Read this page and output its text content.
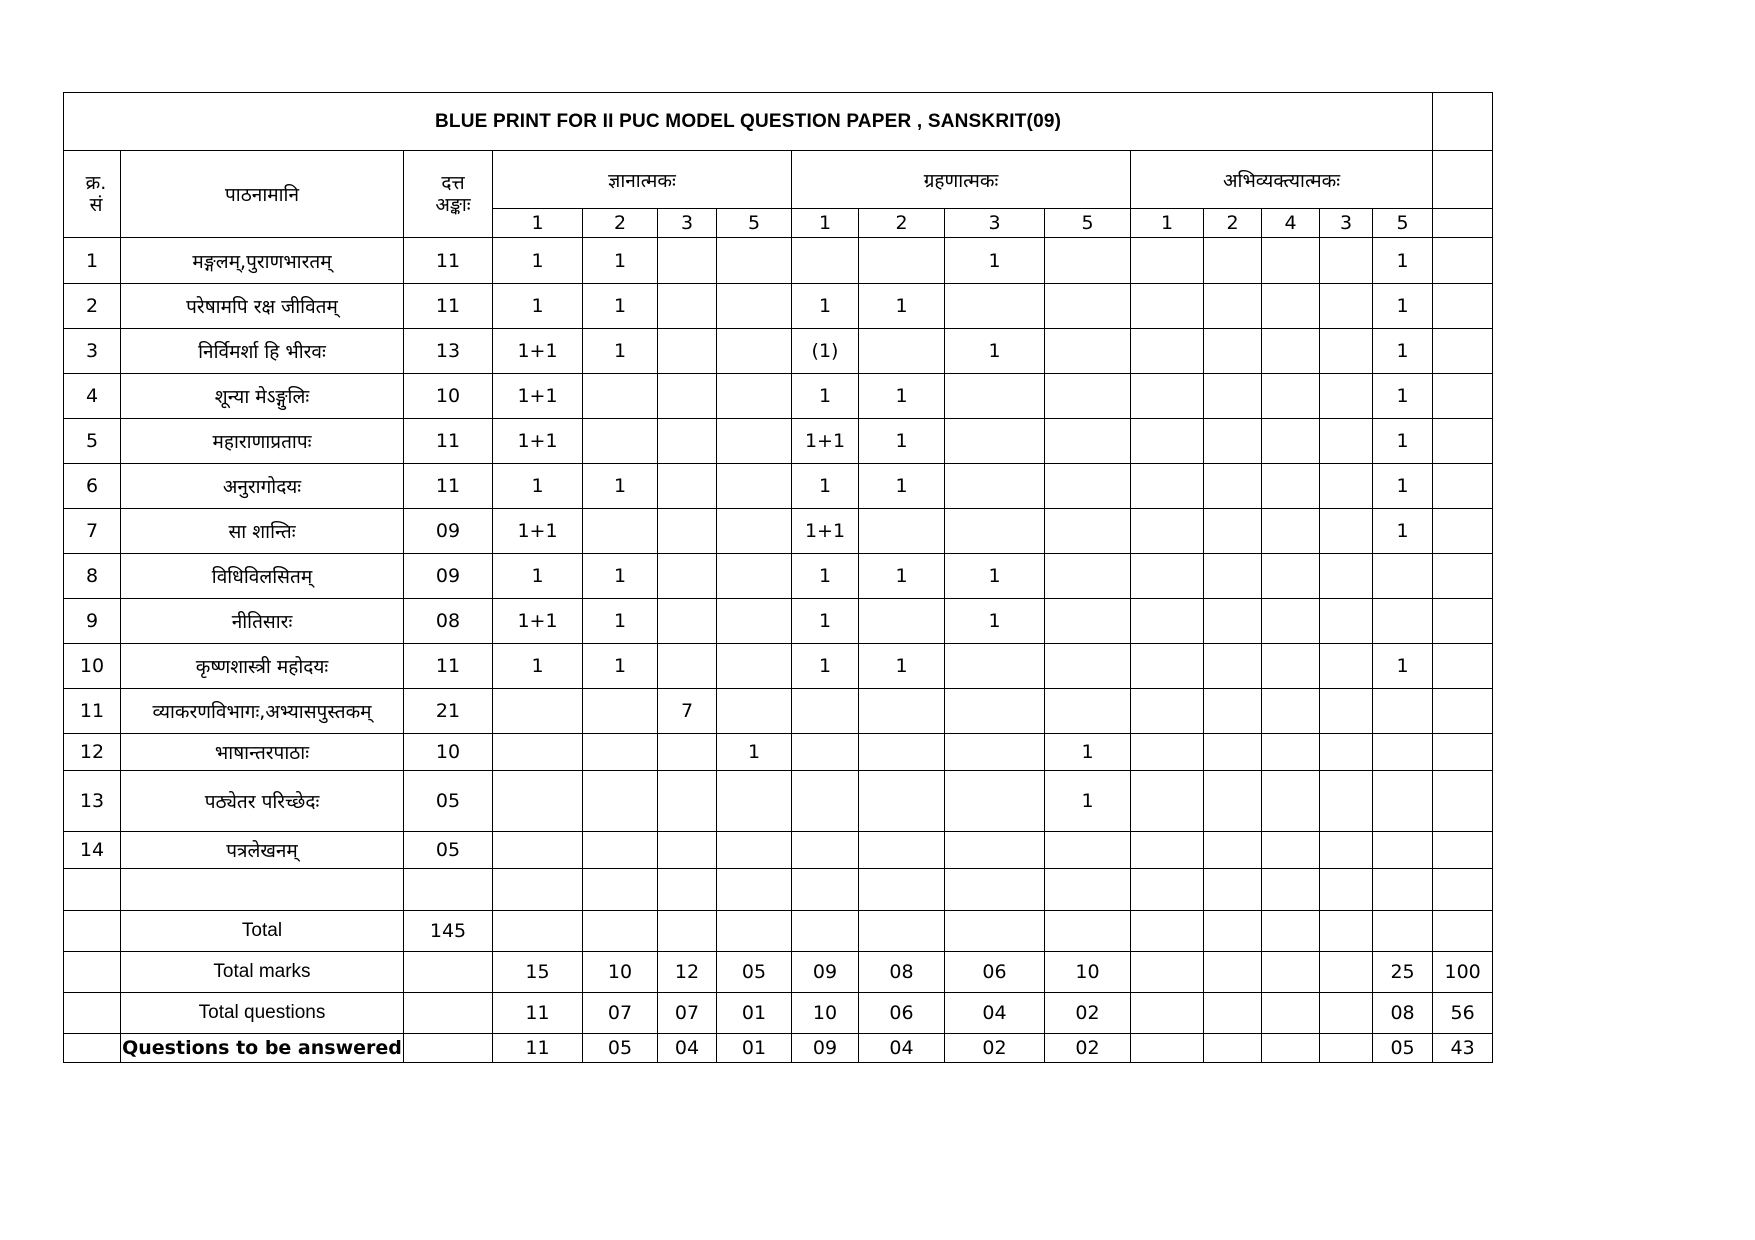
BLUE PRINT FOR II PUC MODEL QUESTION PAPER , SANSKRIT(09)																
क्र.
सं	पाठनामानि	दत्त
अङ्काः	ज्ञानात्मकः				ग्रहणात्मकः				अभिव्यक्त्यात्मकः					
			1	2	3	5	1	2	3	5	1	2	4	3	5	
1	मङ्गलम्,पुराणभारतम्	11	1	1					1						1	
2	परेषामपि रक्ष जीवितम्	11	1	1			1	1							1	
3	निर्विमर्शा हि भीरवः	13	1+1	1			(1)		1						1	
4	शून्या मेऽङ्गुलिः	10	1+1				1	1							1	
5	महाराणाप्रतापः	11	1+1				1+1	1							1	
6	अनुरागोदयः	11	1	1			1	1							1	
7	सा शान्तिः	09	1+1				1+1								1	
8	विधिविलसितम्	09	1	1			1	1	1							
9	नीतिसारः	08	1+1	1			1		1							
10	कृष्णशास्त्री महोदयः	11	1	1			1	1							1	
11	व्याकरणविभागः,अभ्यासपुस्तकम्	21			7											
12	भाषान्तरपाठाः	10				1				1						
13	पठ्येतर परिच्छेदः	05								1						
14	पत्रलेखनम्	05														

	Total	145														
	Total marks		15	10	12	05	09	08	06	10					25	100
	Total questions		11	07	07	01	10	06	04	02					08	56
	Questions to be answered		11	05	04	01	09	04	02	02					05	43
